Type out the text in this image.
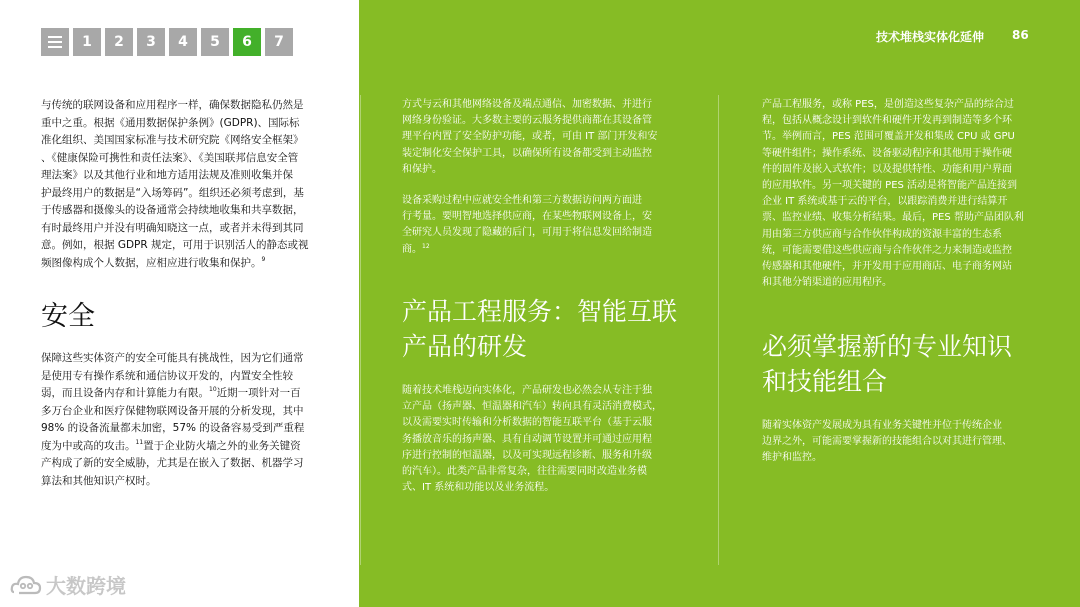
1	2	3	4	5	6	7
与传统的联网设备和应用程序一样，确保数据隐私仍然是
重中之重。根据《通用数据保护条例》(GDPR)、国际标
准化组织、美国国家标准与技术研究院《网络安全框架》
、《健康保险可携性和责任法案》、《美国联邦信息安全管
理法案》以及其他行业和地方适用法规及准则收集并保
护最终用户的数据是“入场筹码”。组织还必须考虑到，基
于传感器和摄像头的设备通常会持续地收集和共享数据，
有时最终用户并没有明确知晓这一点，或者并未得到其同
意。例如，根据 GDPR 规定，可用于识别活人的静态或视
频图像构成个人数据，应相应进行收集和保护。$^9$
安全
保障这些实体资产的安全可能具有挑战性，因为它们通常
是使用专有操作系统和通信协议开发的，内置安全性较
弱，而且设备内存和计算能力有限。$^{10}$近期一项针对一百
多万台企业和医疗保健物联网设备开展的分析发现，其中
98% 的设备流量都未加密，57% 的设备容易受到严重程
度为中或高的攻击。$^{11}$置于企业防火墙之外的业务关键资
产构成了新的安全威胁，尤其是在嵌入了数据、机器学习
算法和其他知识产权时。
大数跨境
技术堆栈实体化延伸 86
方式与云和其他网络设备及端点通信、加密数据、并进行
网络身份验证。大多数主要的云服务提供商都在其设备管
理平台内置了安全防护功能，或者，可由 IT 部门开发和安
装定制化安全保护工具，以确保所有设备都受到主动监控
和保护。
设备采购过程中应就安全性和第三方数据访问两方面进
行考量。要明智地选择供应商，在某些物联网设备上，安
全研究人员发现了隐藏的后门，可用于将信息发回给制造
商。$^{12}$
产品工程服务：智能互联
产品的研发
随着技术堆栈迈向实体化，产品研发也必然会从专注于独
立产品（扬声器、恒温器和汽车）转向具有灵活消费模式，
以及需要实时传输和分析数据的智能互联平台（基于云服
务播放音乐的扬声器、具有自动调节设置并可通过应用程
序进行控制的恒温器，以及可实现远程诊断、服务和升级
的汽车）。此类产品非常复杂，往往需要同时改造业务模
式、IT 系统和功能以及业务流程。
产品工程服务，或称 PES，是创造这些复杂产品的综合过
程，包括从概念设计到软件和硬件开发再到制造等多个环
节。举例而言，PES 范围可覆盖开发和集成 CPU 或 GPU
等硬件组件；操作系统、设备驱动程序和其他用于操作硬
件的固件及嵌入式软件；以及提供特性、功能和用户界面
的应用软件。另一项关键的 PES 活动是将智能产品连接到
企业 IT 系统或基于云的平台，以跟踪消费并进行结算开
票、监控业绩、收集分析结果。最后，PES 帮助产品团队利
用由第三方供应商与合作伙伴构成的资源丰富的生态系
统，可能需要借这些供应商与合作伙伴之力来制造或监控
传感器和其他硬件，并开发用于应用商店、电子商务网站
和其他分销渠道的应用程序。
必须掌握新的专业知识
和技能组合
随着实体资产发展成为具有业务关键性并位于传统企业
边界之外，可能需要掌握新的技能组合以对其进行管理、
维护和监控。
